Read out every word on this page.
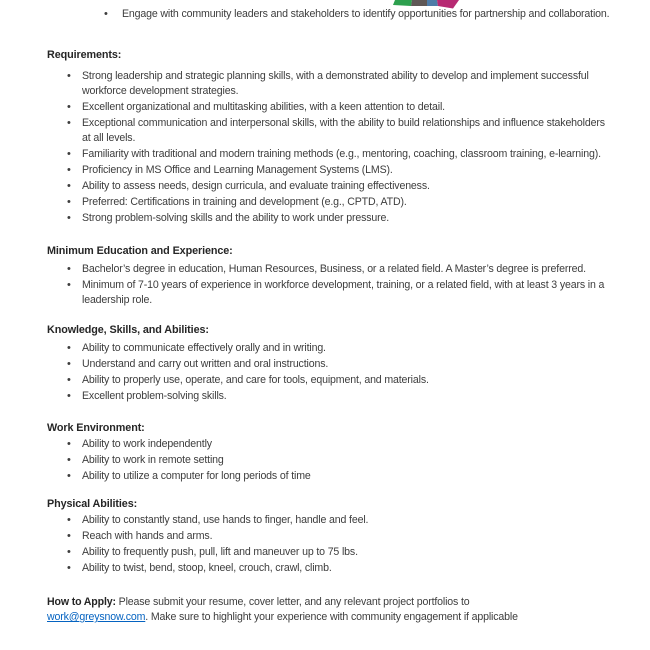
• Engage with community leaders and stakeholders to identify opportunities for partnership and collaboration.
Requirements:
• Strong leadership and strategic planning skills, with a demonstrated ability to develop and implement successful workforce development strategies.
• Excellent organizational and multitasking abilities, with a keen attention to detail.
• Exceptional communication and interpersonal skills, with the ability to build relationships and influence stakeholders at all levels.
• Familiarity with traditional and modern training methods (e.g., mentoring, coaching, classroom training, e-learning).
• Proficiency in MS Office and Learning Management Systems (LMS).
• Ability to assess needs, design curricula, and evaluate training effectiveness.
• Preferred: Certifications in training and development (e.g., CPTD, ATD).
• Strong problem-solving skills and the ability to work under pressure.
Minimum Education and Experience:
• Bachelor’s degree in education, Human Resources, Business, or a related field. A Master’s degree is preferred.
• Minimum of 7-10 years of experience in workforce development, training, or a related field, with at least 3 years in a leadership role.
Knowledge, Skills, and Abilities:
• Ability to communicate effectively orally and in writing.
• Understand and carry out written and oral instructions.
• Ability to properly use, operate, and care for tools, equipment, and materials.
• Excellent problem-solving skills.
Work Environment:
• Ability to work independently
• Ability to work in remote setting
• Ability to utilize a computer for long periods of time
Physical Abilities:
• Ability to constantly stand, use hands to finger, handle and feel.
• Reach with hands and arms.
• Ability to frequently push, pull, lift and maneuver up to 75 lbs.
• Ability to twist, bend, stoop, kneel, crouch, crawl, climb.

How to Apply: Please submit your resume, cover letter, and any relevant project portfolios to
work@greysnow.com. Make sure to highlight your experience with community engagement if applicable
